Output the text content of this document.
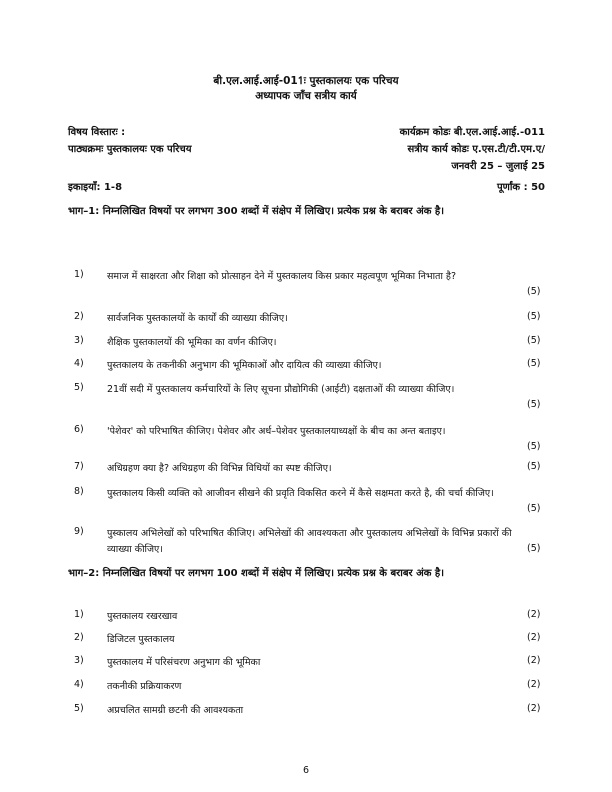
बी.एल.आई.आई-011ः पुस्तकालयः एक परिचय
अध्यापक जाँच सत्रीय कार्य
विषय विस्तारः :	कार्यक्रम कोडः बी.एल.आई.आई.-011
पाठ्यक्रमः पुस्तकालयः एक परिचय	सत्रीय कार्य कोडः ए.एस.टी/टी.एम.ए/
जनवरी 25 – जुलाई 25
इकाइयाँ: 1-8	पूर्णांक : 50
भाग–1: निम्नलिखित विषयों पर लगभग 300 शब्दों में संक्षेप में लिखिए। प्रत्येक प्रश्न के बराबर अंक है।
1) समाज में साक्षरता और शिक्षा को प्रोत्साहन देने में पुस्तकालय किस प्रकार महत्वपूण भूमिका निभाता है?
(5)
2) सार्वजनिक पुस्तकालयों के कार्यों की व्याख्या कीजिए।	(5)
3) शैक्षिक पुस्तकालयों की भूमिका का वर्णन कीजिए।	(5)
4) पुस्तकालय के तकनीकी अनुभाग की भूमिकाओं और दायित्व की व्याख्या कीजिए।	(5)
5) 21वीं सदी में पुस्तकालय कर्मचारियों के लिए सूचना प्रौद्योगिकी (आईटी) दक्षताओं की व्याख्या कीजिए।
(5)
6) 'पेशेवर' को परिभाषित कीजिए। पेशेवर और अर्ध–पेशेवर पुस्तकालयाध्यक्षों के बीच का अन्त बताइए।
(5)
7) अधिग्रहण क्या है? अधिग्रहण की विभिन्न विधियों का स्पष्ट कीजिए।	(5)
8) पुस्तकालय किसी व्यक्ति को आजीवन सीखने की प्रवृति विकसित करने में कैसे सक्षमता करते है, की चर्चा कीजिए।
(5)
9) पुस्कालय अभिलेखों को परिभाषित कीजिए। अभिलेखों की आवश्यकता और पुस्तकालय अभिलेखों के विभिन्न प्रकारों की व्याख्या कीजिए।	(5)
भाग–2: निम्नलिखित विषयों पर लगभग 100 शब्दों में संक्षेप में लिखिए। प्रत्येक प्रश्न के बराबर अंक है।
1) पुस्तकालय रखरखाव	(2)
2) डिजिटल पुस्तकालय	(2)
3) पुस्तकालय में परिसंचरण अनुभाग की भूमिका	(2)
4) तकनीकी प्रक्रियाकरण	(2)
5) अप्रचलित सामग्री छटनी की आवश्यकता	(2)
6
